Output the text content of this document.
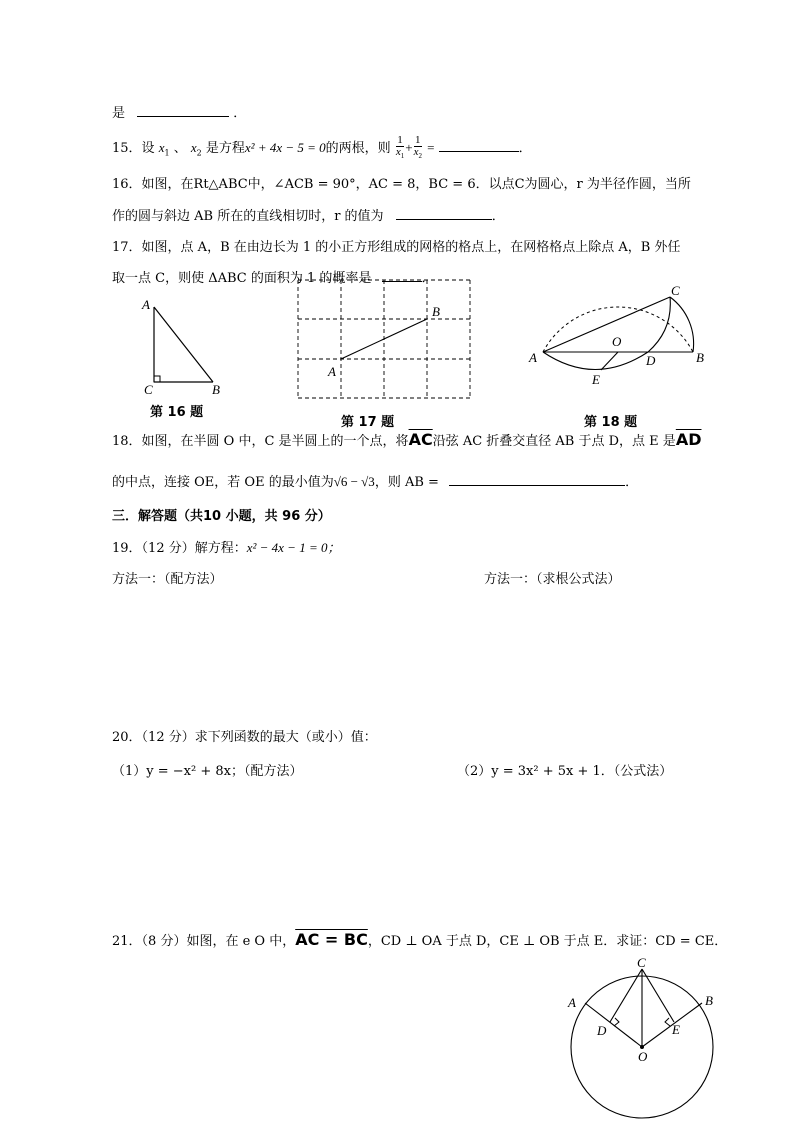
是	．
15．设 $x_1$ 、 $x_2$ 是方程x² + 4x − 5 = 0的两根，则 $\frac{1}{x_1} + \frac{1}{x_2}$ =	．
16．如图，在Rt△ABC中，∠ACB = 90°，AC = 8，BC = 6．以点C为圆心，r 为半径作圆，当所
作的圆与斜边 AB 所在的直线相切时，r 的值为	．
17．如图，点 A，B 在由边长为 1 的小正方形组成的网格的格点上，在网格格点上除点 A，B 外任
取一点 C，则使 ΔABC 的面积为 1 的概率是	．
A
C	B
第 16 题
A
B
第 17 题
A	B
C
O
D
E
第 18 题
18．如图，在半圆 O 中，C 是半圆上的一个点，将$\overline{AC}$沿弦 AC 折叠交直径 AB 于点 D，点 E 是$\overline{AD}$
的中点，连接 OE，若 OE 的最小值为√6 − √3，则 AB =	．
三．解答题（共10 小题，共 96 分）
19．（12 分）解方程：x² − 4x − 1 = 0；
方法一：（配方法）	方法一：（求根公式法）
20．（12 分）求下列函数的最大（或小）值：
（1）y = −x² + 8x；（配方法）	（2）y = 3x² + 5x + 1．（公式法）
21．（8 分）如图，在 e O 中，AC = BC，CD ⊥ OA 于点 D，CE ⊥ OB 于点 E．求证：CD = CE．
C
A	B
D	E
O
